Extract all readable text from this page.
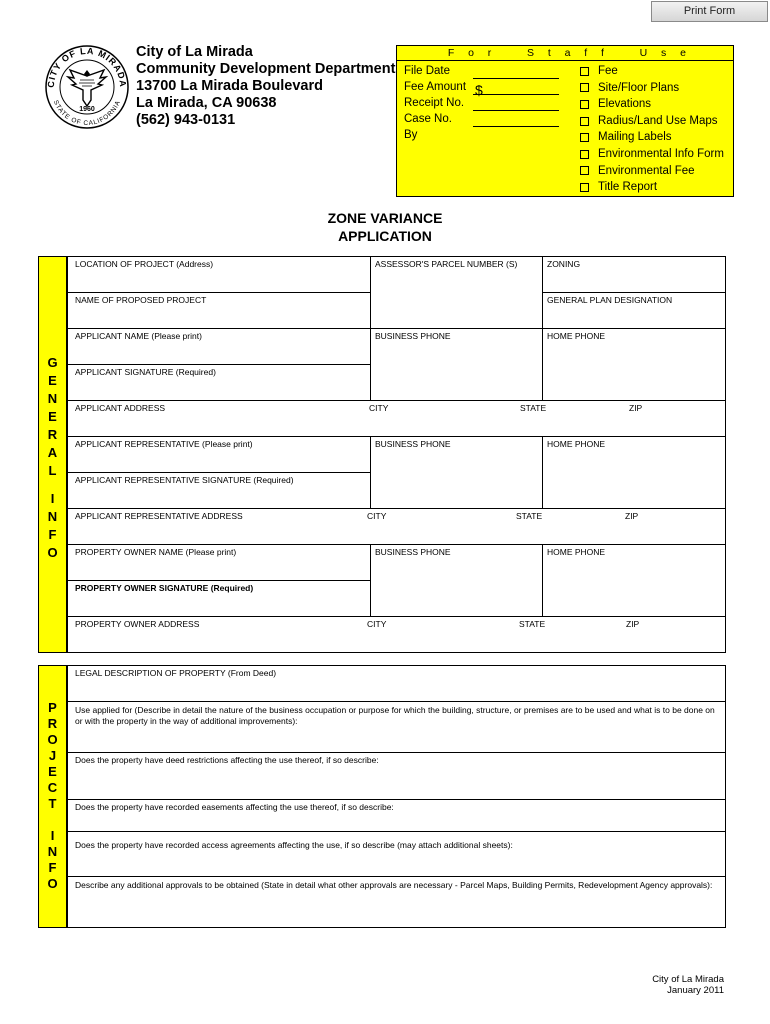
Print Form
CITY OF LA MIRADA
STATE OF CALIFORNIA
1960
City of La Mirada
Community Development Department
13700 La Mirada Boulevard
La Mirada, CA 90638
(562) 943-0131
F o r	S t a f f	U s e
File Date
Fee Amount
Receipt No.
Case No.
By
$
Fee
Site/Floor Plans
Elevations
Radius/Land Use Maps
Mailing Labels
Environmental Info Form
Environmental Fee
Title Report
ZONE VARIANCE
APPLICATION
G
E
N
E
R
A
L
I
N
F
O
LOCATION OF PROJECT (Address)	ASSESSOR'S PARCEL NUMBER (S)	ZONING
NAME OF PROPOSED PROJECT	GENERAL PLAN DESIGNATION
APPLICANT NAME (Please print)	BUSINESS PHONE	HOME PHONE
APPLICANT SIGNATURE (Required)
APPLICANT ADDRESS	CITY	STATE	ZIP
APPLICANT REPRESENTATIVE (Please print)	BUSINESS PHONE	HOME PHONE
APPLICANT REPRESENTATIVE SIGNATURE (Required)
APPLICANT REPRESENTATIVE ADDRESS	CITY	STATE	ZIP
PROPERTY OWNER NAME (Please print)	BUSINESS PHONE	HOME PHONE
PROPERTY OWNER SIGNATURE (Required)
PROPERTY OWNER ADDRESS	CITY	STATE	ZIP
P
R
O
J
E
C
T
I
N
F
O
LEGAL DESCRIPTION OF PROPERTY (From Deed)
Use applied for (Describe in detail the nature of the business occupation or purpose for which the building, structure, or premises are to be used and what is to be done on or with the property in the way of additional improvements):
Does the property have deed restrictions affecting the use thereof, if so describe:
Does the property have recorded easements affecting the use thereof, if so describe:
Does the property have recorded access agreements affecting the use, if so describe (may attach additional sheets):
Describe any additional approvals to be obtained (State in detail what other approvals are necessary - Parcel Maps, Building Permits, Redevelopment Agency approvals):
City of La Mirada
January 2011
